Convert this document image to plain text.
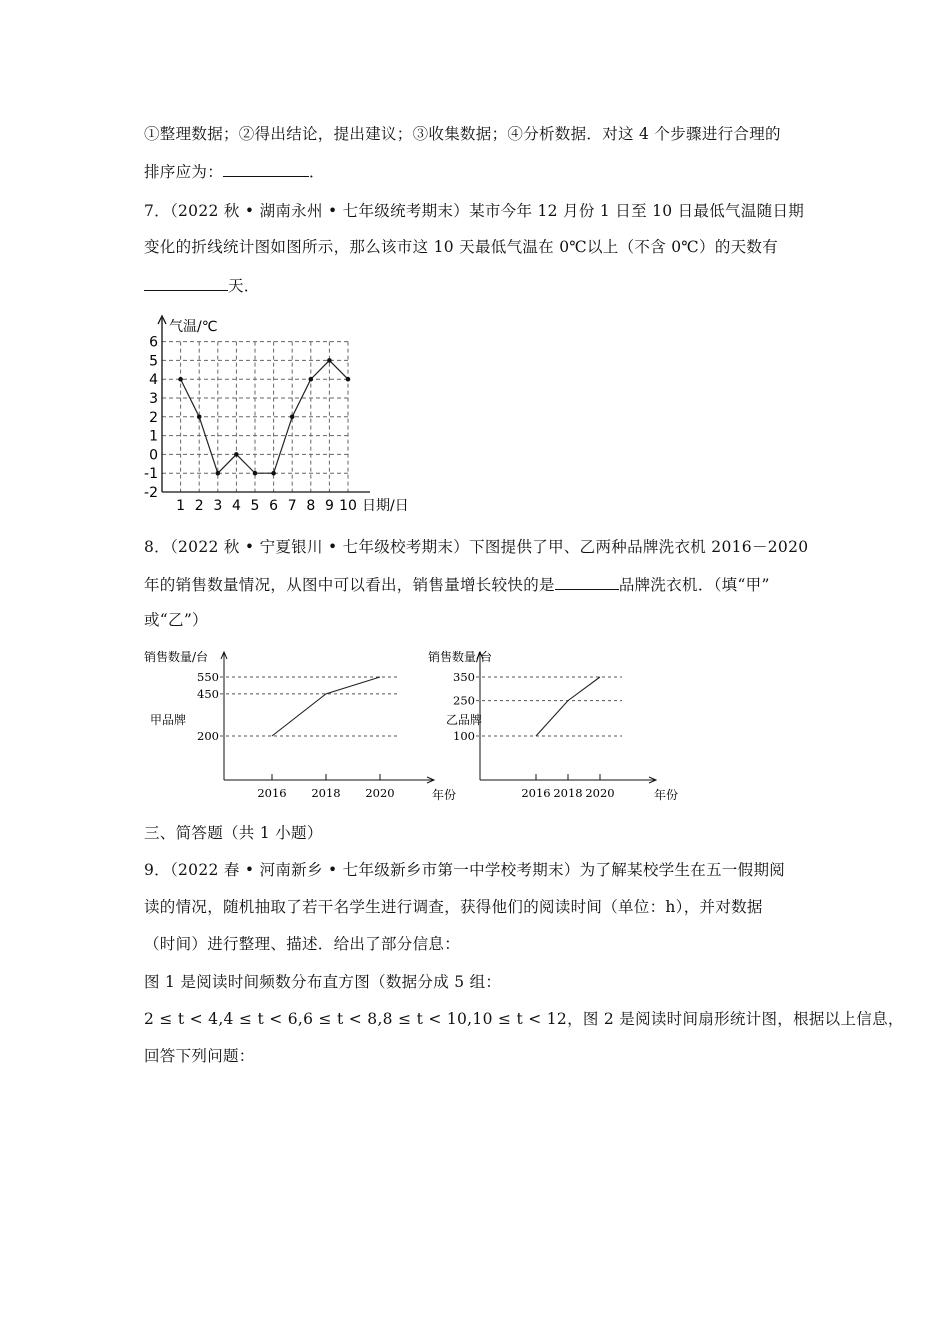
①整理数据；②得出结论，提出建议；③收集数据；④分析数据．对这 4 个步骤进行合理的
排序应为：	．
7．（2022 秋 • 湖南永州 • 七年级统考期末）某市今年 12 月份 1 日至 10 日最低气温随日期
变化的折线统计图如图所示，那么该市这 10 天最低气温在 0℃以上（不含 0℃）的天数有
天．
-2
-1
0
1
2
3
4
5
6
1 2 3 4 5 6 7 8 9 10 日期/日
气温/℃
8．（2022 秋 • 宁夏银川 • 七年级校考期末）下图提供了甲、乙两种品牌洗衣机 2016－2020
年的销售数量情况，从图中可以看出，销售量增长较快的是	品牌洗衣机．（填“甲”
或“乙”）
200
450
550
2016 2018 2020	年份
销售数量/台
甲品牌
100
250
350
2016 2018 2020	年份
销售数量/台
乙品牌
三、简答题（共 1 小题）
9．（2022 春 • 河南新乡 • 七年级新乡市第一中学校考期末）为了解某校学生在五一假期阅
读的情况，随机抽取了若干名学生进行调查，获得他们的阅读时间（单位：h），并对数据
（时间）进行整理、描述．给出了部分信息：
图 1 是阅读时间频数分布直方图（数据分成 5 组：
2 ≤ t < 4,4 ≤ t < 6,6 ≤ t < 8,8 ≤ t < 10,10 ≤ t < 12，图 2 是阅读时间扇形统计图，根据以上信息，
回答下列问题：
